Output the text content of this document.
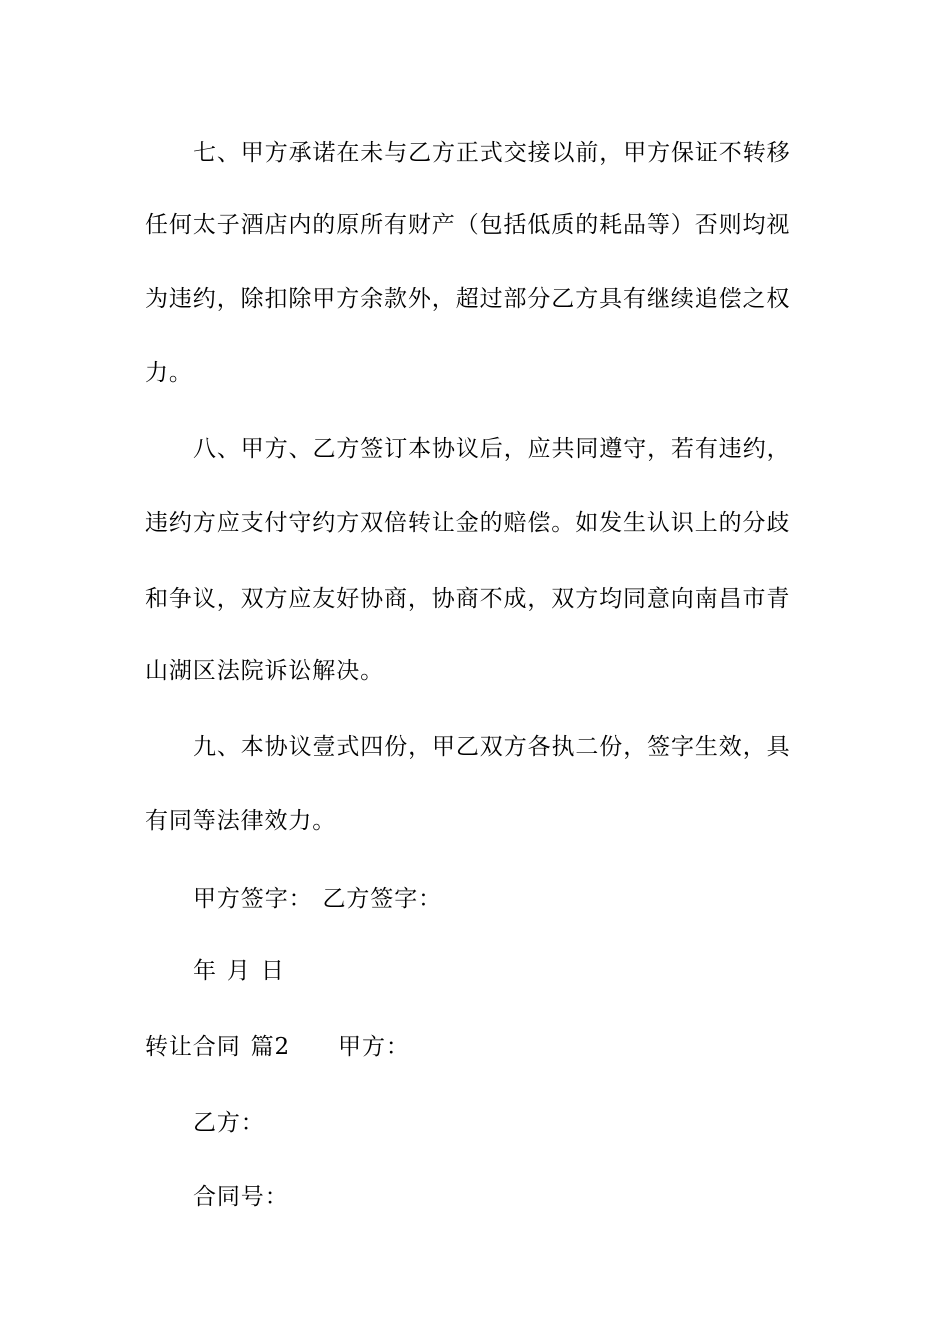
七、甲方承诺在未与乙方正式交接以前，甲方保证不转移
任何太子酒店内的原所有财产（包括低质的耗品等）否则均视
为违约，除扣除甲方余款外，超过部分乙方具有继续追偿之权
力。
八、甲方、乙方签订本协议后，应共同遵守，若有违约，
违约方应支付守约方双倍转让金的赔偿。如发生认识上的分歧
和争议，双方应友好协商，协商不成，双方均同意向南昌市青
山湖区法院诉讼解决。
九、本协议壹式四份，甲乙双方各执二份，签字生效，具
有同等法律效力。
甲方签字： 乙方签字：
年 月 日
转让合同 篇2 甲方：
乙方：
合同号：
